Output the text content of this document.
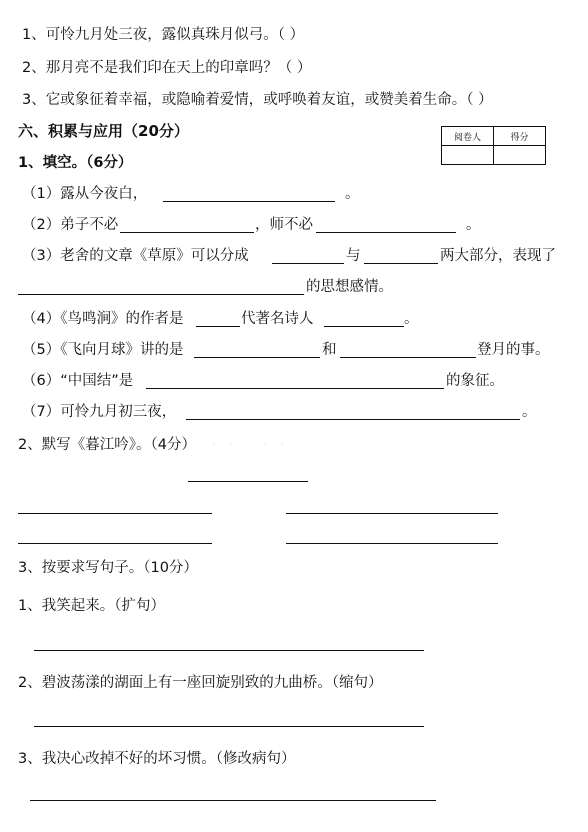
1、可怜九月处三夜，露似真珠月似弓。（ ）
2、那月亮不是我们印在天上的印章吗？（ ）
3、它或象征着幸福，或隐喻着爱情，或呼唤着友谊，或赞美着生命。（ ）
六、积累与应用（20分）	阅卷人	得分

1、填空。（6分）
（1）露从今夜白，	。
（2）弟子不必	，师不必	。
（3）老舍的文章《草原》可以分成	与	两大部分，表现了
的思想感情。
（4）《鸟鸣涧》的作者是	代著名诗人	。
（5）《飞向月球》讲的是	和	登月的事。
（6）“中国结”是	的象征。
（7）可怜九月初三夜，	。
2、默写《暮江吟》。（4分） ·····
3、按要求写句子。（10分）
1、我笑起来。（扩句）
2、碧波荡漾的湖面上有一座回旋别致的九曲桥。（缩句）
3、我决心改掉不好的坏习惯。（修改病句）
